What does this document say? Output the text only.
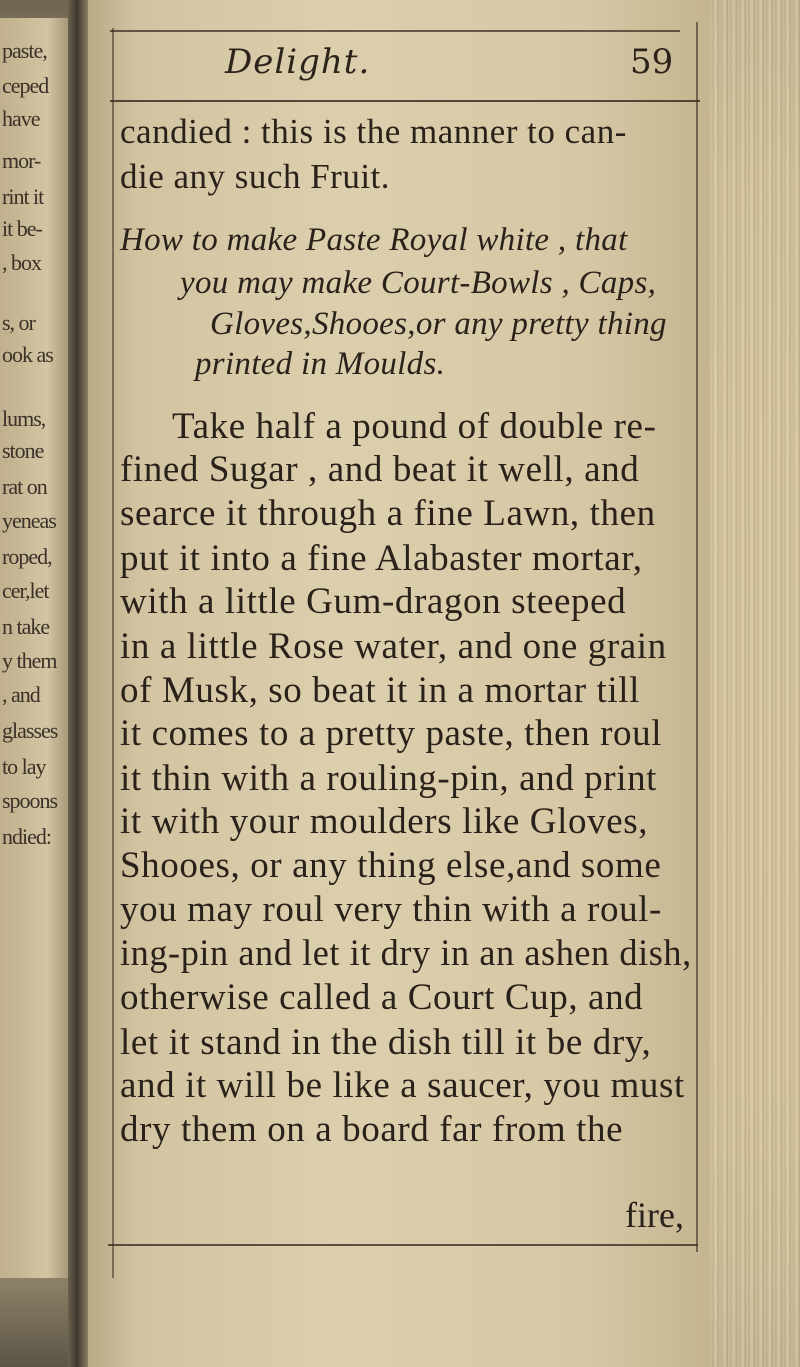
paste,
ceped
have
mor-
rint it
it be-
, box
s, or
ook as
lums,
stone
rat on
yeneas
roped,
cer,let
n take
y them
, and
glasses
to lay
spoons
ndied:
Delight.	59
candied : this is the manner to can-
die any such Fruit.
How to make Paste Royal white , that
you may make Court-Bowls , Caps,
Gloves,Shooes,or any pretty thing
printed in Moulds.
Take half a pound of double re-
fined Sugar , and beat it well, and
searce it through a fine Lawn, then
put it into a fine Alabaster mortar,
with a little Gum-dragon steeped
in a little Rose water, and one grain
of Musk, so beat it in a mortar till
it comes to a pretty paste, then roul
it thin with a rouling-pin, and print
it with your moulders like Gloves,
Shooes, or any thing else,and some
you may roul very thin with a roul-
ing-pin and let it dry in an ashen dish,
otherwise called a Court Cup, and
let it stand in the dish till it be dry,
and it will be like a saucer, you must
dry them on a board far from the
fire,
